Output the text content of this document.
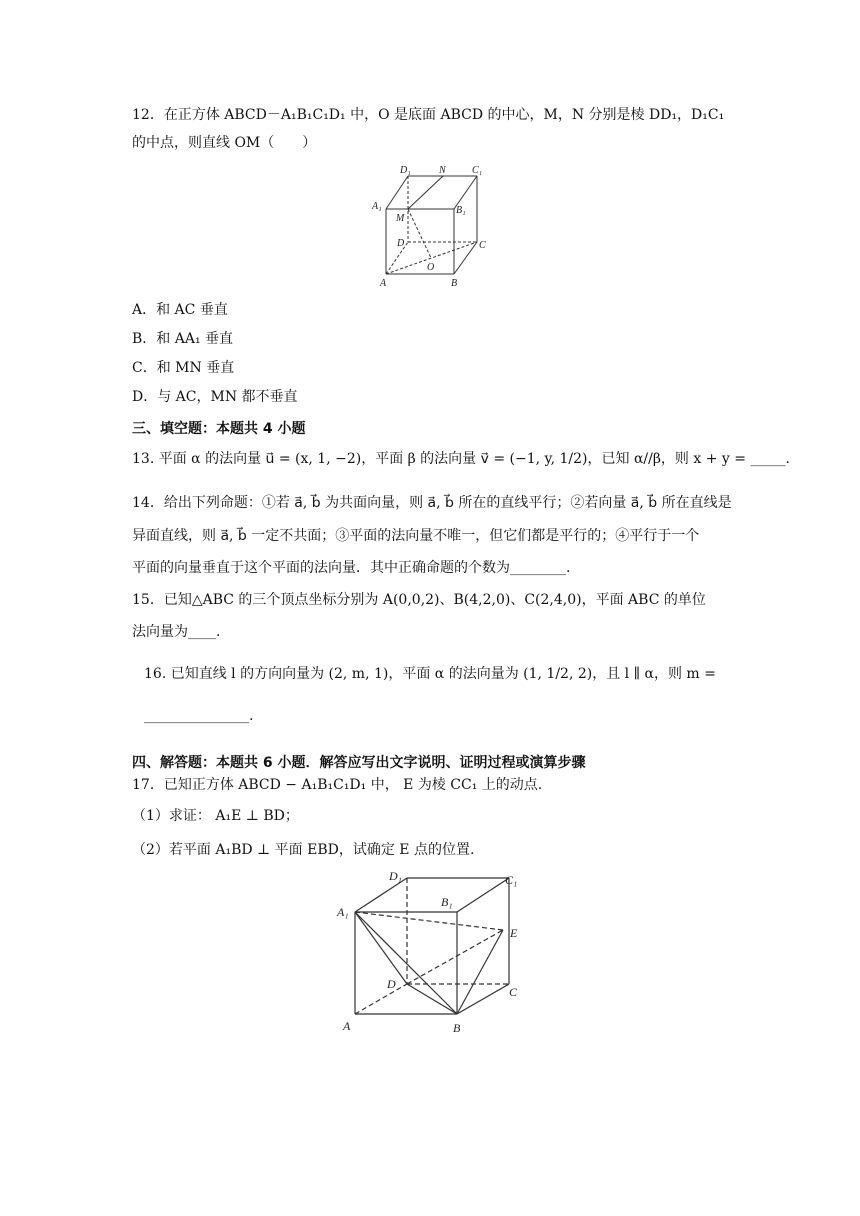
12．在正方体 ABCD－A₁B₁C₁D₁ 中，O 是底面 ABCD 的中心，M，N 分别是棱 DD₁，D₁C₁
的中点，则直线 OM（　　）
D₁	N	C₁
A₁	B₁
M
D	C
O
A	B
A．和 AC 垂直
B．和 AA₁ 垂直
C．和 MN 垂直
D．与 AC，MN 都不垂直
三、填空题：本题共 4 小题
13. 平面 α 的法向量 u⃗ = (x, 1, −2)，平面 β 的法向量 v⃗ = (−1, y, 1/2)，已知 α//β，则 x + y = _____.
14．给出下列命题：①若 a⃗, b⃗ 为共面向量，则 a⃗, b⃗ 所在的直线平行；②若向量 a⃗, b⃗ 所在直线是
异面直线，则 a⃗, b⃗ 一定不共面；③平面的法向量不唯一，但它们都是平行的；④平行于一个
平面的向量垂直于这个平面的法向量．其中正确命题的个数为________.
15．已知△ABC 的三个顶点坐标分别为 A(0,0,2)、B(4,2,0)、C(2,4,0)，平面 ABC 的单位
法向量为____.
16. 已知直线 l 的方向向量为 (2, m, 1)，平面 α 的法向量为 (1, 1/2, 2)，且 l ∥ α，则 m =
_______________.
四、解答题：本题共 6 小题．解答应写出文字说明、证明过程或演算步骤
17．已知正方体 ABCD − A₁B₁C₁D₁ 中， E 为棱 CC₁ 上的动点.
（1）求证： A₁E ⊥ BD；
（2）若平面 A₁BD ⊥ 平面 EBD，试确定 E 点的位置.
D₁	C₁
B₁
A₁
E
D
C
A	B
